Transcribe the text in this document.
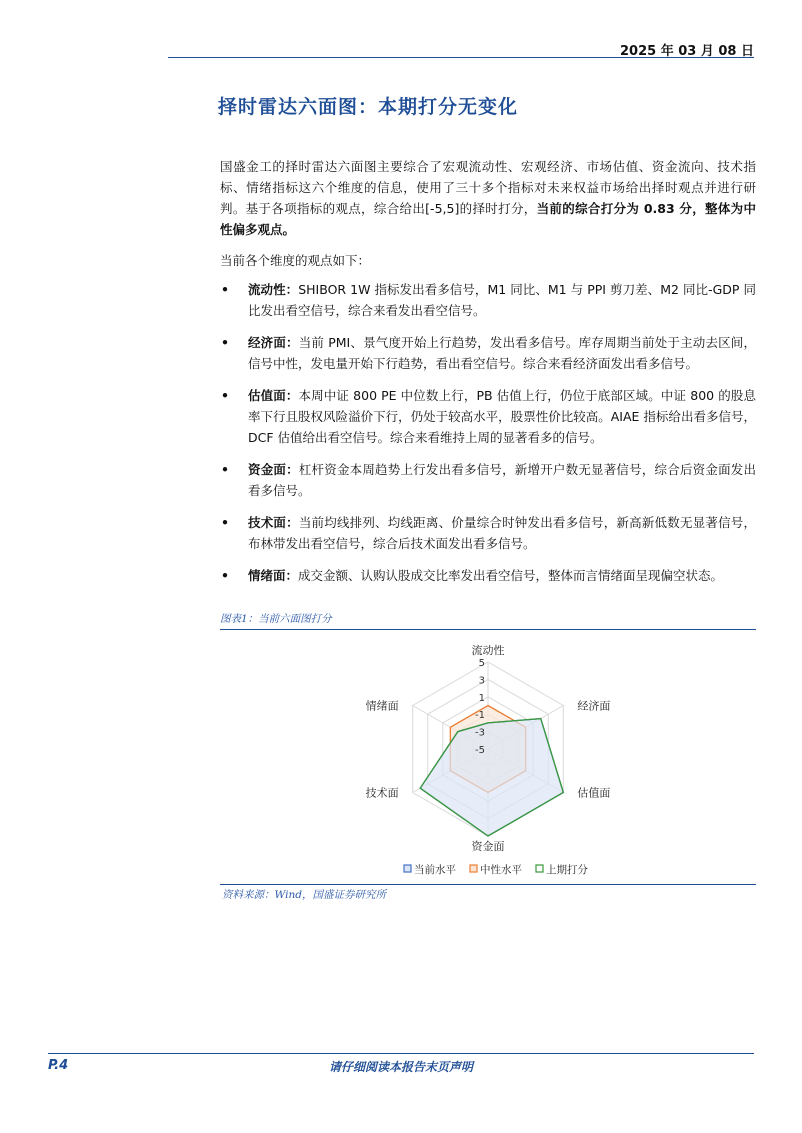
2025 年 03 月 08 日
择时雷达六面图：本期打分无变化

国盛金工的择时雷达六面图主要综合了宏观流动性、宏观经济、市场估值、资金流向、技术指标、情绪指标这六个维度的信息，使用了三十多个指标对未来权益市场给出择时观点并进行研判。基于各项指标的观点，综合给出[-5,5]的择时打分，当前的综合打分为 0.83 分，整体为中性偏多观点。

当前各个维度的观点如下：

• 流动性：SHIBOR 1W 指标发出看多信号，M1 同比、M1 与 PPI 剪刀差、M2 同比-GDP 同比发出看空信号，综合来看发出看空信号。
• 经济面：当前 PMI、景气度开始上行趋势，发出看多信号。库存周期当前处于主动去区间，信号中性，发电量开始下行趋势，看出看空信号。综合来看经济面发出看多信号。
• 估值面：本周中证 800 PE 中位数上行，PB 估值上行，仍位于底部区域。中证 800 的股息率下行且股权风险溢价下行，仍处于较高水平，股票性价比较高。AIAE 指标给出看多信号，DCF 估值给出看空信号。综合来看维持上周的显著看多的信号。
• 资金面：杠杆资金本周趋势上行发出看多信号，新增开户数无显著信号，综合后资金面发出看多信号。
• 技术面：当前均线排列、均线距离、价量综合时钟发出看多信号，新高新低数无显著信号，布林带发出看空信号，综合后技术面发出看多信号。
• 情绪面：成交金额、认购认股成交比率发出看空信号，整体而言情绪面呈现偏空状态。
图表1：当前六面图打分
5
3
1
-1
-3
-5
流动性
经济面
估值面
资金面
技术面
情绪面
当前水平 中性水平 上期打分
资料来源：Wind，国盛证券研究所
P.4	请仔细阅读本报告末页声明
